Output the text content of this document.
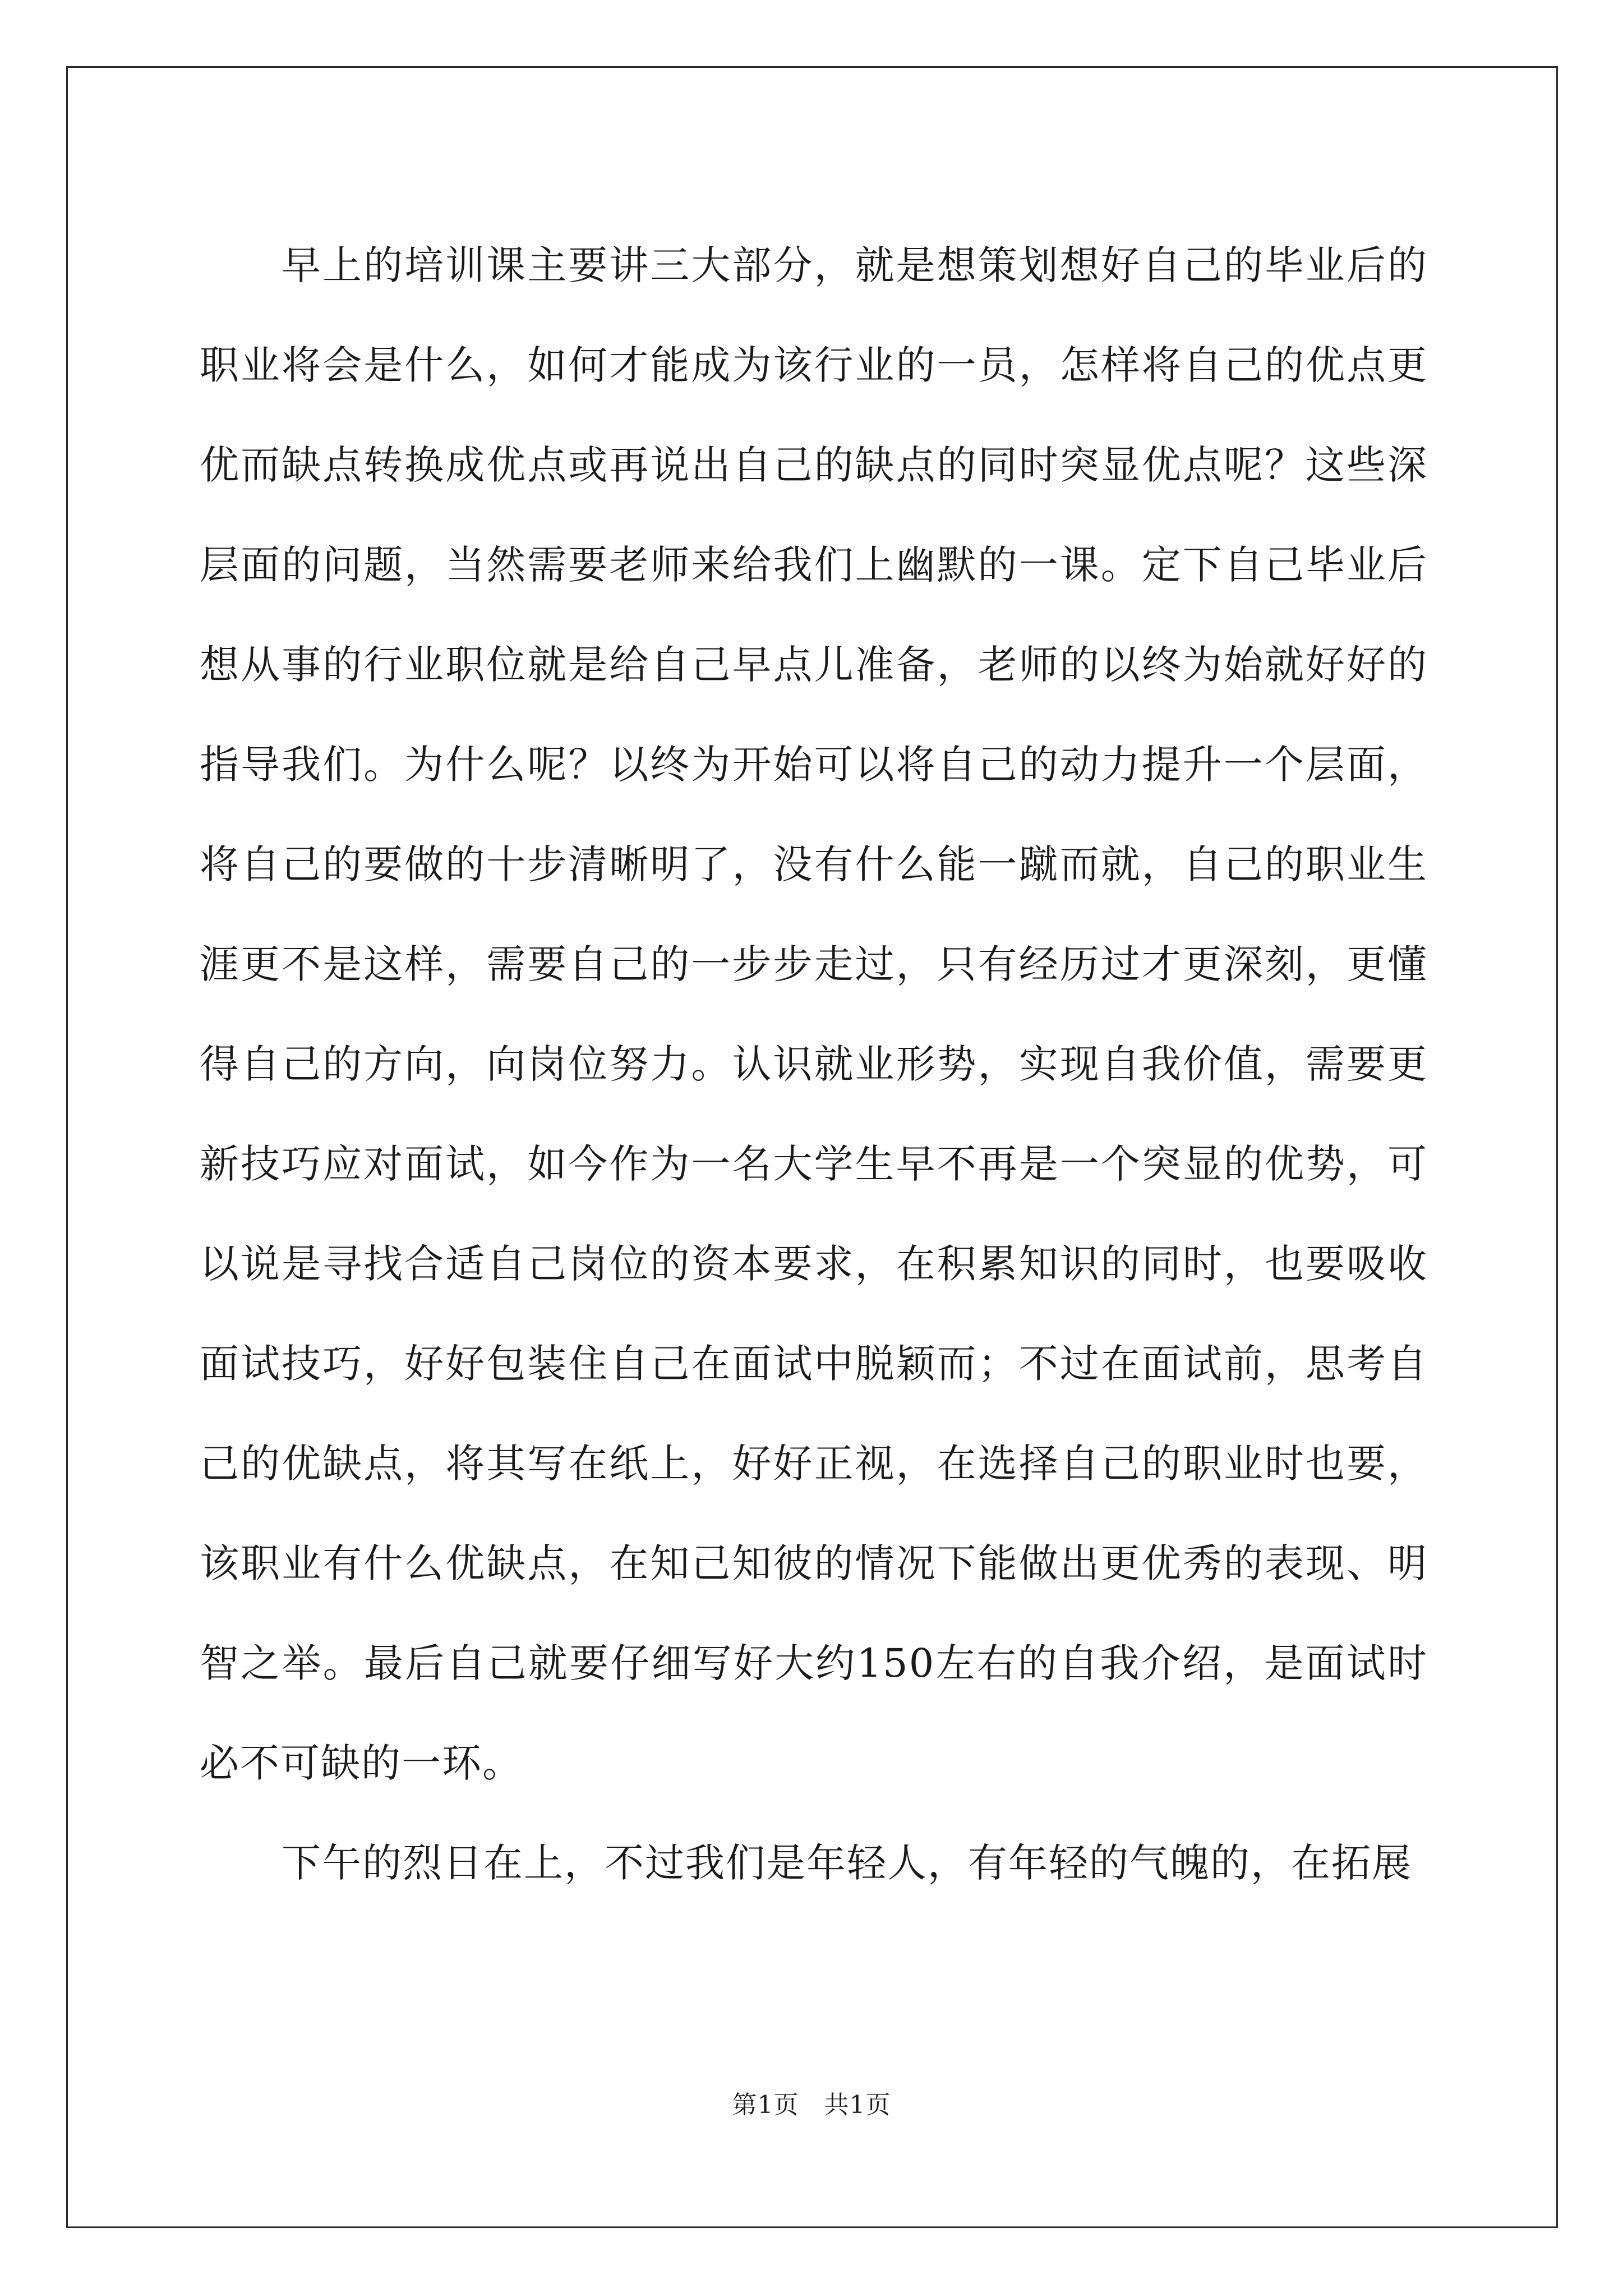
早上的培训课主要讲三大部分，就是想策划想好自己的毕业后的职业将会是什么，如何才能成为该行业的一员，怎样将自己的优点更优而缺点转换成优点或再说出自己的缺点的同时突显优点呢？这些深层面的问题，当然需要老师来给我们上幽默的一课。定下自己毕业后想从事的行业职位就是给自己早点儿准备，老师的以终为始就好好的指导我们。为什么呢？以终为开始可以将自己的动力提升一个层面，将自己的要做的十步清晰明了，没有什么能一蹴而就，自己的职业生涯更不是这样，需要自己的一步步走过，只有经历过才更深刻，更懂得自己的方向，向岗位努力。认识就业形势，实现自我价值，需要更新技巧应对面试，如今作为一名大学生早不再是一个突显的优势，可以说是寻找合适自己岗位的资本要求，在积累知识的同时，也要吸收面试技巧，好好包装住自己在面试中脱颖而；不过在面试前，思考自己的优缺点，将其写在纸上，好好正视，在选择自己的职业时也要，该职业有什么优缺点，在知己知彼的情况下能做出更优秀的表现、明智之举。最后自己就要仔细写好大约150左右的自我介绍，是面试时必不可缺的一环。

下午的烈日在上，不过我们是年轻人，有年轻的气魄的，在拓展

第1页　共1页
